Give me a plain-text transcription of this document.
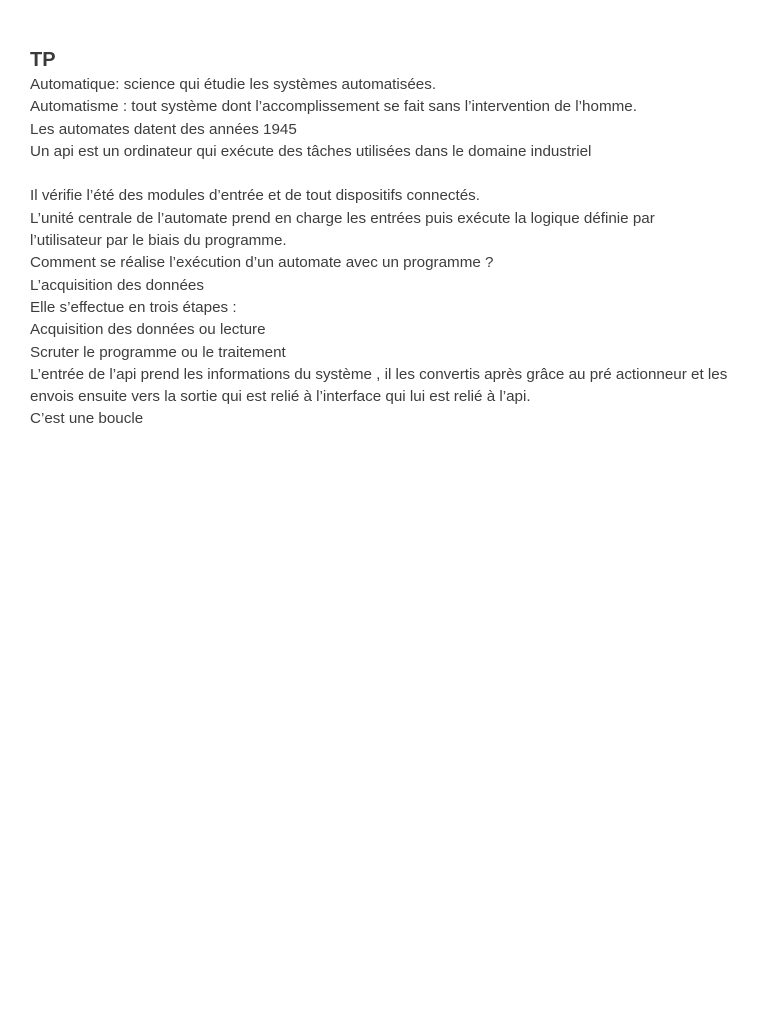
TP
Automatique: science qui étudie les systèmes automatisées.
Automatisme : tout système dont l’accomplissement se fait sans l’intervention de l’homme.
Les automates datent des années 1945
Un api est un ordinateur qui exécute des tâches utilisées dans le domaine industriel
Il vérifie l’été des modules d’entrée et de tout dispositifs connectés.
L’unité centrale de l’automate prend en charge les entrées puis exécute la logique définie par l’utilisateur par le biais du programme.
Comment se réalise l’exécution d’un automate avec un programme ?
L’acquisition des données
Elle s’effectue en trois étapes :
Acquisition des données ou lecture
Scruter le programme ou le traitement
L’entrée de l’api prend les informations du système , il les convertis après grâce au pré actionneur et les envois ensuite vers la sortie qui est relié à l’interface qui lui est relié à l’api.
C’est une boucle
